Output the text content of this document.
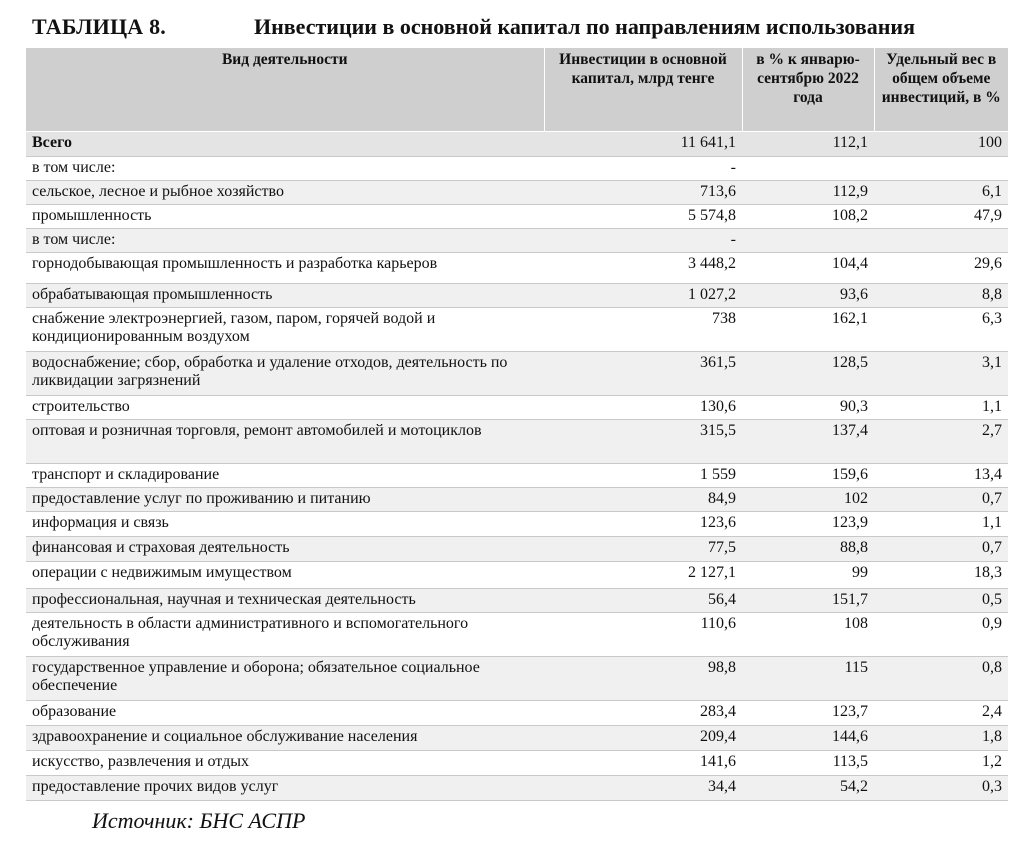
ТАБЛИЦА 8.	Инвестиции в основной капитал по направлениям использования
Вид деятельности	Инвестиции в основной капитал, млрд тенге	в % к январю-сентябрю 2022 года	Удельный вес в общем объеме инвестиций, в %
Всего	11 641,1	112,1	100
в том числе:	-		
сельское, лесное и рыбное хозяйство	713,6	112,9	6,1
промышленность	5 574,8	108,2	47,9
в том числе:	-		
горнодобывающая промышленность и разработка карьеров	3 448,2	104,4	29,6
обрабатывающая промышленность	1 027,2	93,6	8,8
снабжение электроэнергией, газом, паром, горячей водой и кондиционированным воздухом	738	162,1	6,3
водоснабжение; сбор, обработка и удаление отходов, деятельность по ликвидации загрязнений	361,5	128,5	3,1
строительство	130,6	90,3	1,1
оптовая и розничная торговля, ремонт автомобилей и мотоциклов	315,5	137,4	2,7
транспорт и складирование	1 559	159,6	13,4
предоставление услуг по проживанию и питанию	84,9	102	0,7
информация и связь	123,6	123,9	1,1
финансовая и страховая деятельность	77,5	88,8	0,7
операции с недвижимым имуществом	2 127,1	99	18,3
профессиональная, научная и техническая деятельность	56,4	151,7	0,5
деятельность в области административного и вспомогательного обслуживания	110,6	108	0,9
государственное управление и оборона; обязательное социальное обеспечение	98,8	115	0,8
образование	283,4	123,7	2,4
здравоохранение и социальное обслуживание населения	209,4	144,6	1,8
искусство, развлечения и отдых	141,6	113,5	1,2
предоставление прочих видов услуг	34,4	54,2	0,3
Источник: БНС АСПР
